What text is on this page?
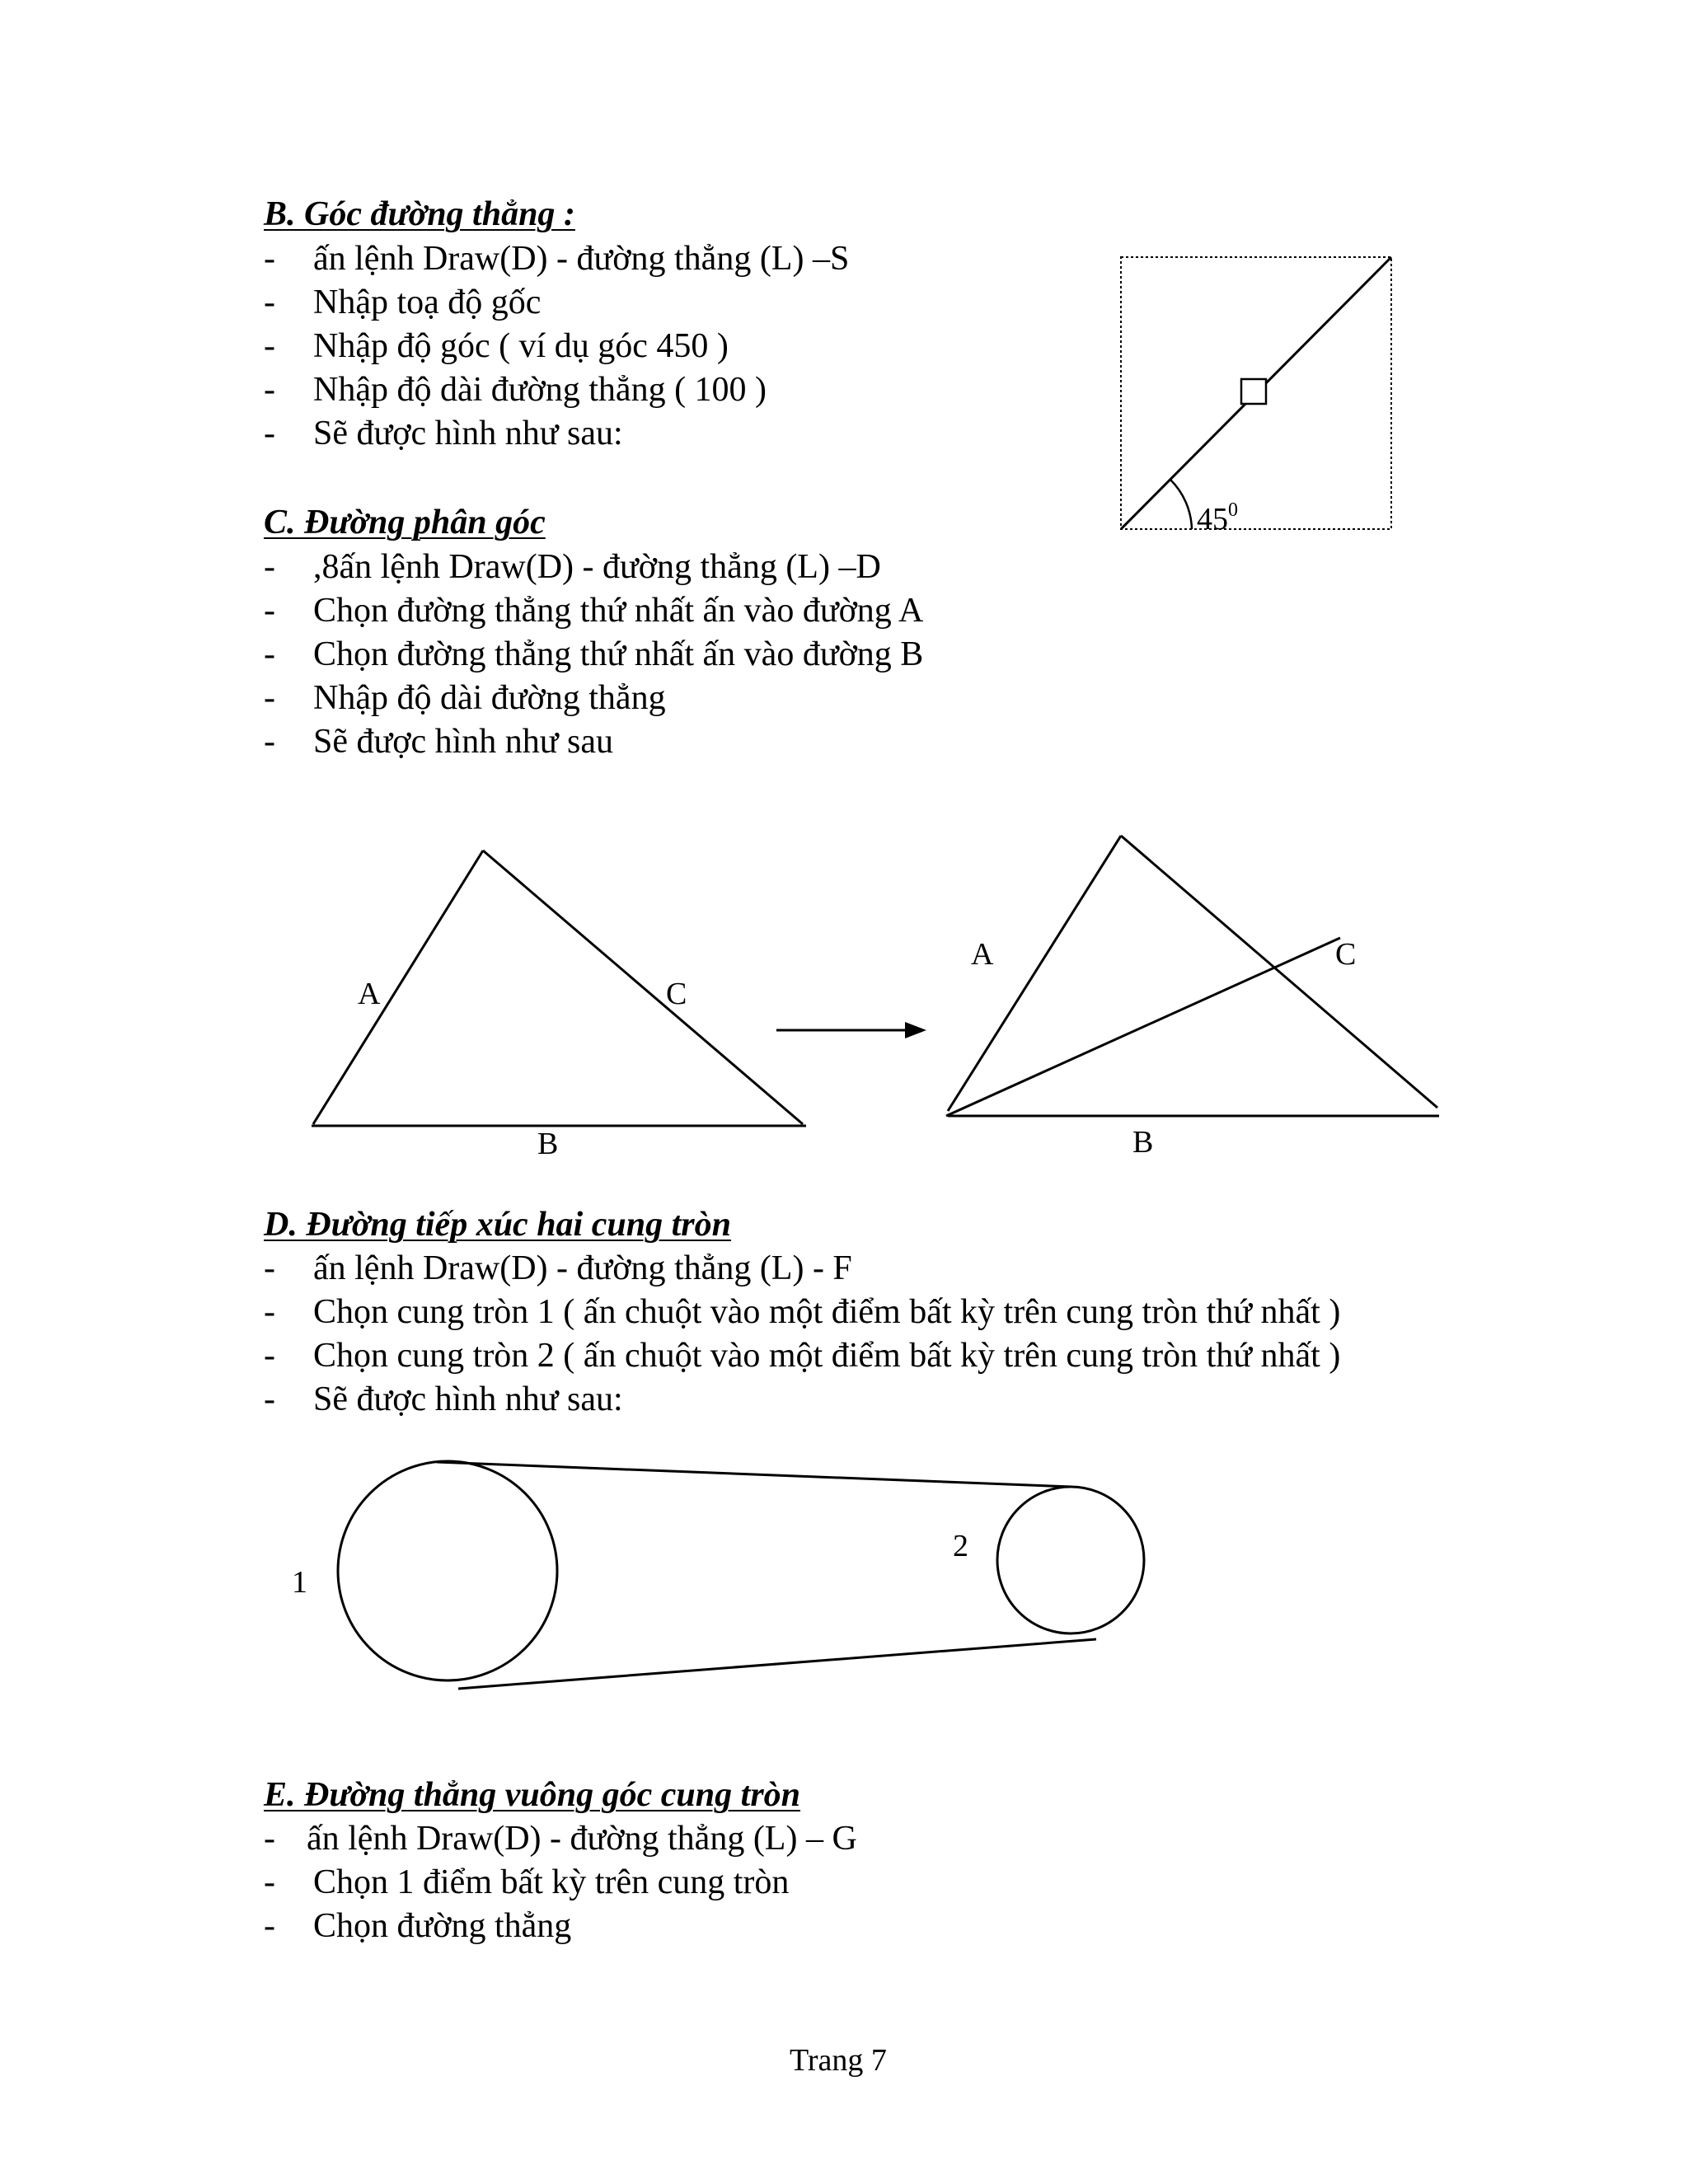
B. Góc đường thẳng :
- ấn lệnh Draw(D) - đường thẳng (L) –S
- Nhập toạ độ gốc
- Nhập độ góc ( ví dụ góc 450 )
- Nhập độ dài đường thẳng ( 100 )
- Sẽ được hình như sau:
C. Đường phân góc
- ,8ấn lệnh Draw(D) - đường thẳng (L) –D
- Chọn đường thẳng thứ nhất ấn vào đường A
- Chọn đường thẳng thứ nhất ấn vào đường B
- Nhập độ dài đường thẳng
- Sẽ được hình như sau
D. Đường tiếp xúc hai cung tròn
- ấn lệnh Draw(D) - đường thẳng (L) - F
- Chọn cung tròn 1 ( ấn chuột vào một điểm bất kỳ trên cung tròn thứ nhất )
- Chọn cung tròn 2 ( ấn chuột vào một điểm bất kỳ trên cung tròn thứ nhất )
- Sẽ được hình như sau:
E. Đường thẳng vuông góc cung tròn
- ấn lệnh Draw(D) - đường thẳng (L) – G
- Chọn 1 điểm bất kỳ trên cung tròn
- Chọn đường thẳng
$45^0$
A	C
B
A	C
B
1
2
Trang 7
